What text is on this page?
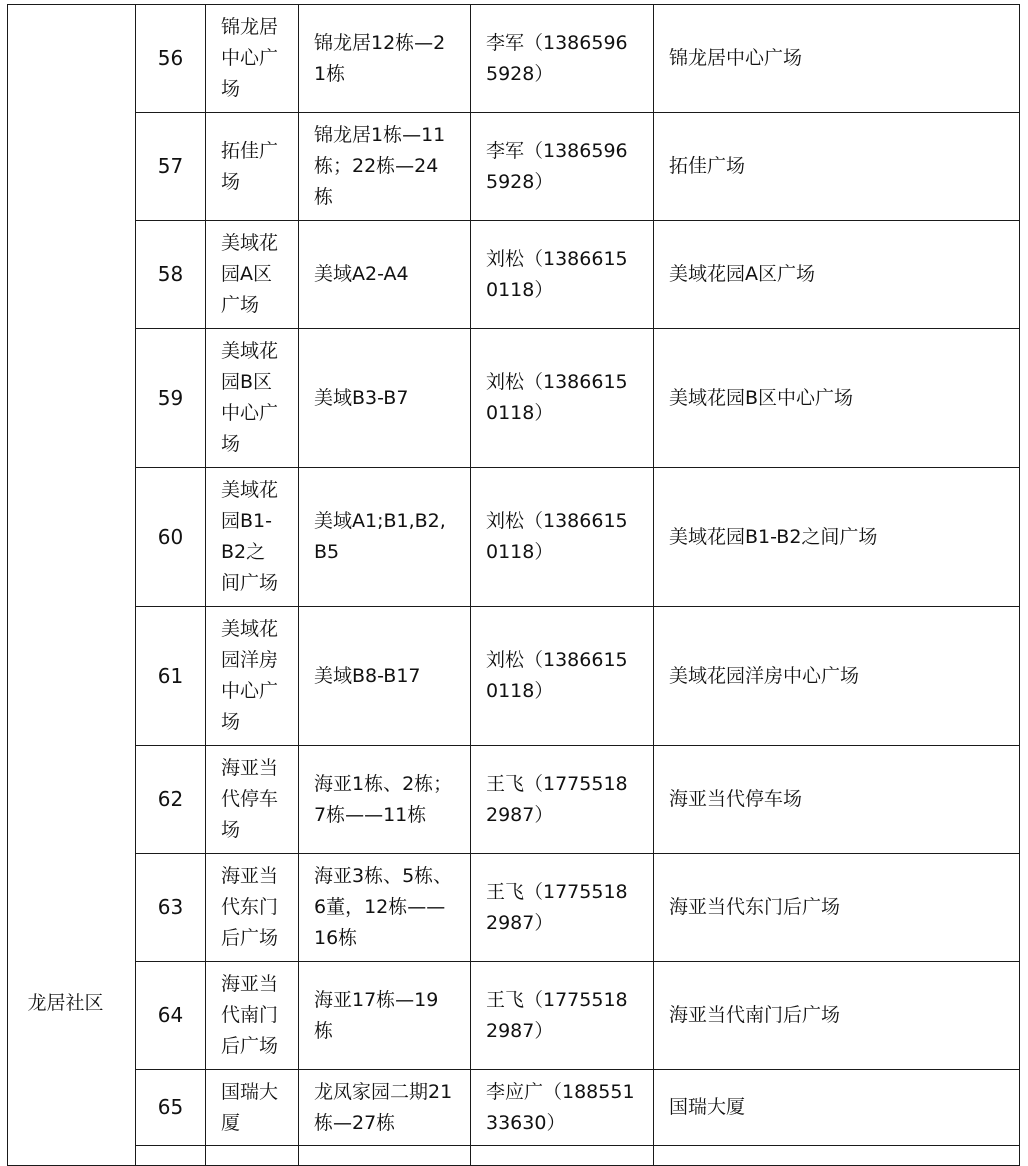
龙居社区	56	锦龙居中心广场	锦龙居12栋—21栋	李军（13865965928）	锦龙居中心广场
	57	拓佳广场	锦龙居1栋—11栋；22栋—24栋	李军（13865965928）	拓佳广场
	58	美域花园A区广场	美域A2-A4	刘松（13866150118）	美域花园A区广场
	59	美域花园B区中心广场	美域B3-B7	刘松（13866150118）	美域花园B区中心广场
	60	美域花园B1-B2之间广场	美域A1;B1,B2,B5	刘松（13866150118）	美域花园B1-B2之间广场
	61	美域花园洋房中心广场	美域B8-B17	刘松（13866150118）	美域花园洋房中心广场
	62	海亚当代停车场	海亚1栋、2栋；7栋——11栋	王飞（17755182987）	海亚当代停车场
	63	海亚当代东门后广场	海亚3栋、5栋、6董，12栋——16栋	王飞（17755182987）	海亚当代东门后广场
	64	海亚当代南门后广场	海亚17栋—19栋	王飞（17755182987）	海亚当代南门后广场
	65	国瑞大厦	龙凤家园二期21栋—27栋	李应广（18855133630）	国瑞大厦
